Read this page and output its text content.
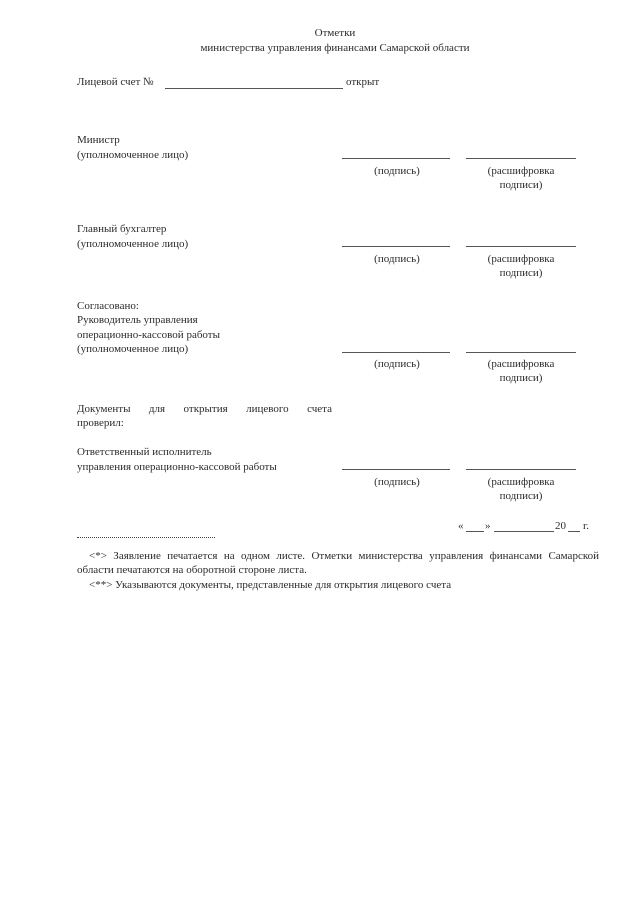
Отметки
министерства управления финансами Самарской области
Лицевой счет №	открыт
Министр
(уполномоченное лицо)
(подпись)	(расшифровка
подписи)
Главный бухгалтер
(уполномоченное лицо)
(подпись)	(расшифровка
подписи)
Согласовано:
Руководитель управления
операционно-кассовой работы
(уполномоченное лицо)
(подпись)	(расшифровка
подписи)
Документы для открытия лицевого счета
проверил:
Ответственный исполнитель
управления операционно-кассовой работы
(подпись)	(расшифровка
подписи)
« »	20 г.
<*> Заявление печатается на одном листе. Отметки министерства управления финансами Самарской области печатаются на оборотной стороне листа.
<**> Указываются документы, представленные для открытия лицевого счета
